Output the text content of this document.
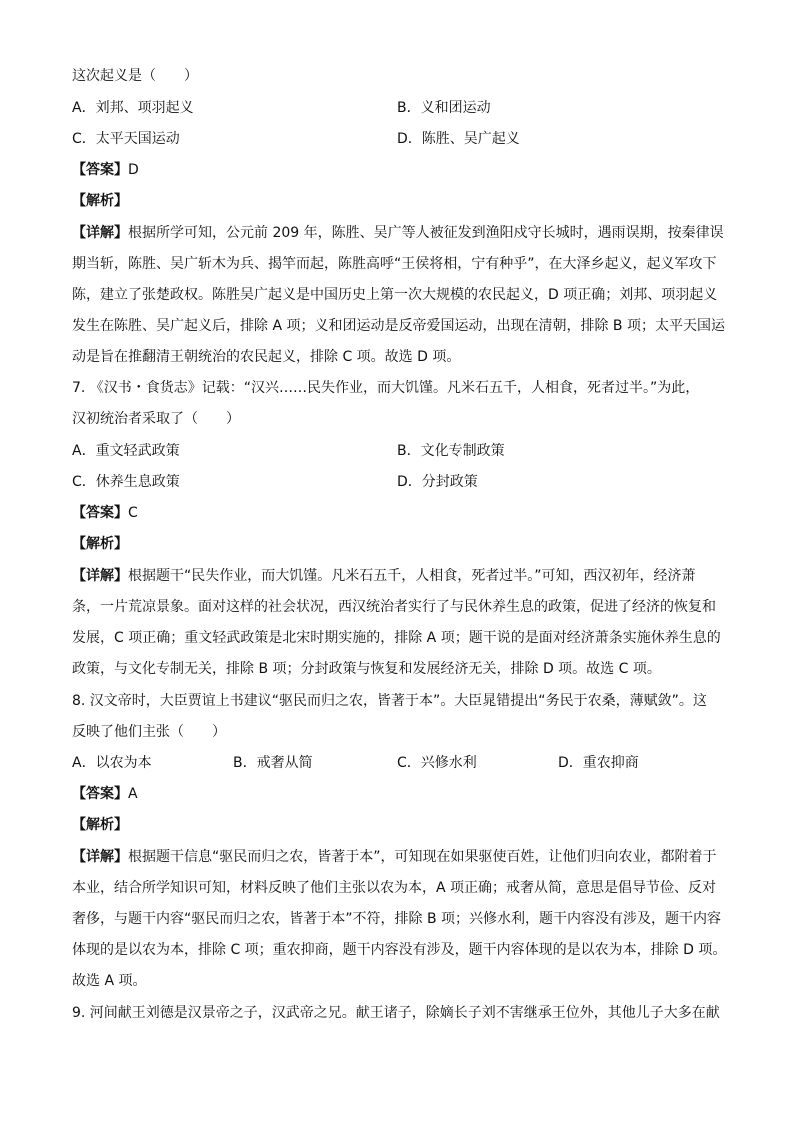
这次起义是（　　）
A．刘邦、项羽起义	B．义和团运动
C．太平天国运动	D．陈胜、吴广起义
【答案】D
【解析】
【详解】根据所学可知，公元前 209 年，陈胜、吴广等人被征发到渔阳戍守长城时，遇雨误期，按秦律误
期当斩，陈胜、吴广斩木为兵、揭竿而起，陈胜高呼“王侯将相，宁有种乎”，在大泽乡起义，起义军攻下
陈，建立了张楚政权。陈胜吴广起义是中国历史上第一次大规模的农民起义，D 项正确；刘邦、项羽起义
发生在陈胜、吴广起义后，排除 A 项；义和团运动是反帝爱国运动，出现在清朝，排除 B 项；太平天国运
动是旨在推翻清王朝统治的农民起义，排除 C 项。故选 D 项。
7. 《汉书・食货志》记载：“汉兴……民失作业，而大饥馑。凡米石五千，人相食，死者过半。”为此，
汉初统治者采取了（　　）
A．重文轻武政策	B．文化专制政策
C．休养生息政策	D．分封政策
【答案】C
【解析】
【详解】根据题干“民失作业，而大饥馑。凡米石五千，人相食，死者过半。”可知，西汉初年，经济萧
条，一片荒凉景象。面对这样的社会状况，西汉统治者实行了与民休养生息的政策，促进了经济的恢复和
发展，C 项正确；重文轻武政策是北宋时期实施的，排除 A 项；题干说的是面对经济萧条实施休养生息的
政策，与文化专制无关，排除 B 项；分封政策与恢复和发展经济无关，排除 D 项。故选 C 项。
8. 汉文帝时，大臣贾谊上书建议“驱民而归之农，皆著于本”。大臣晁错提出“务民于农桑，薄赋敛”。这
反映了他们主张（　　）
A．以农为本	B．戒奢从简	C．兴修水利	D．重农抑商
【答案】A
【解析】
【详解】根据题干信息“驱民而归之农，皆著于本”，可知现在如果驱使百姓，让他们归向农业，都附着于
本业，结合所学知识可知，材料反映了他们主张以农为本，A 项正确；戒奢从简，意思是倡导节俭、反对
奢侈，与题干内容“驱民而归之农，皆著于本”不符，排除 B 项；兴修水利，题干内容没有涉及，题干内容
体现的是以农为本，排除 C 项；重农抑商，题干内容没有涉及，题干内容体现的是以农为本，排除 D 项。
故选 A 项。
9. 河间献王刘德是汉景帝之子，汉武帝之兄。献王诸子，除嫡长子刘不害继承王位外，其他儿子大多在献
